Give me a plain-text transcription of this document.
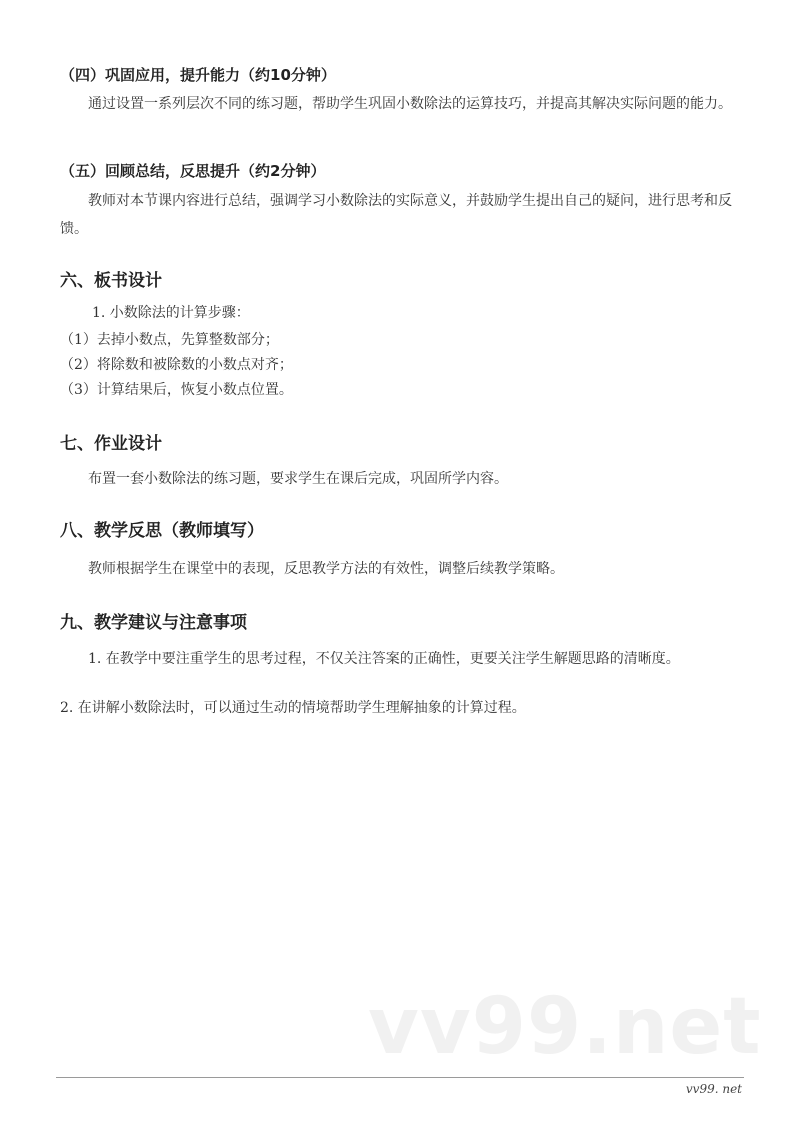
（四）巩固应用，提升能力（约10分钟）

通过设置一系列层次不同的练习题，帮助学生巩固小数除法的运算技巧，并提高其解决实际问题的能力。

（五）回顾总结，反思提升（约2分钟）

教师对本节课内容进行总结，强调学习小数除法的实际意义，并鼓励学生提出自己的疑问，进行思考和反馈。

六、板书设计

1. 小数除法的计算步骤：

（1）去掉小数点，先算整数部分；

（2）将除数和被除数的小数点对齐；

（3）计算结果后，恢复小数点位置。

七、作业设计

布置一套小数除法的练习题，要求学生在课后完成，巩固所学内容。

八、教学反思（教师填写）

教师根据学生在课堂中的表现，反思教学方法的有效性，调整后续教学策略。

九、教学建议与注意事项

1. 在教学中要注重学生的思考过程，不仅关注答案的正确性，更要关注学生解题思路的清晰度。

2. 在讲解小数除法时，可以通过生动的情境帮助学生理解抽象的计算过程。

vv99.net
vv99. net
